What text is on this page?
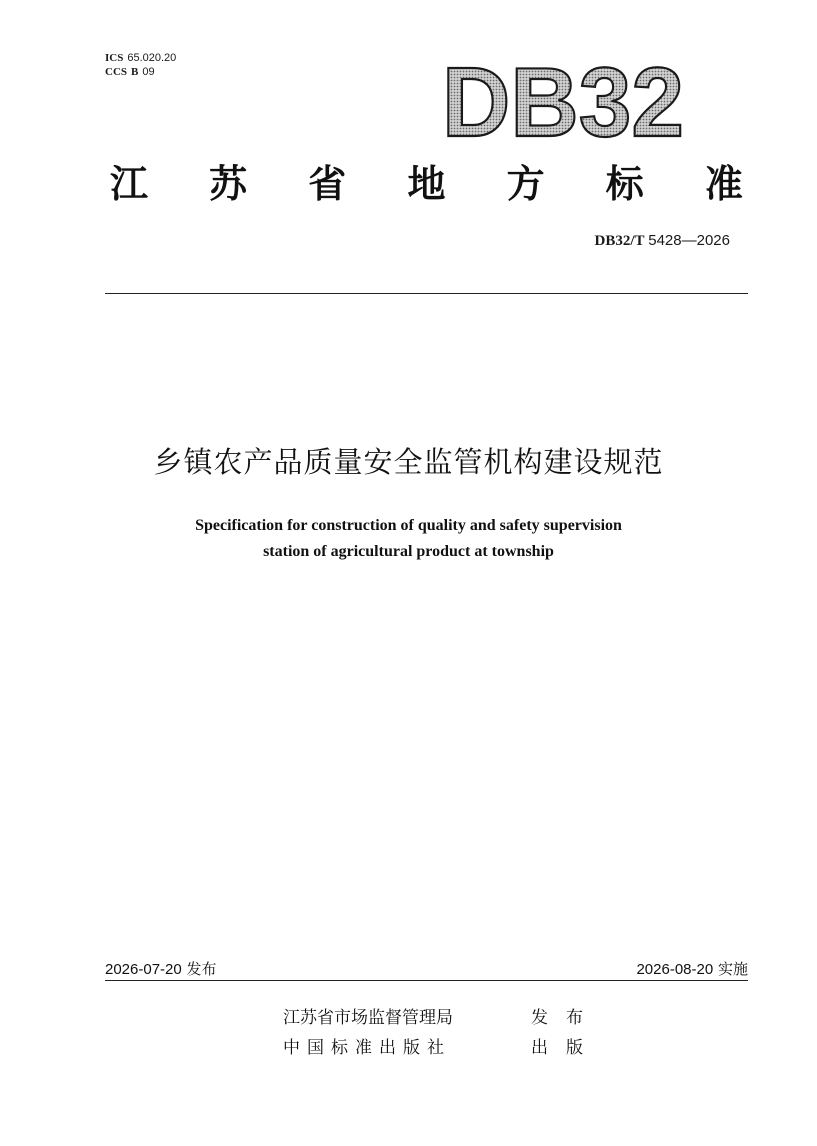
ICS 65.020.20
CCS B 09	DB32
江 苏 省 地 方 标 准
DB32/T 5428—2026
乡镇农产品质量安全监管机构建设规范
Specification for construction of quality and safety supervision
station of agricultural product at township
2026-07-20 发布	2026-08-20 实施
江苏省市场监督管理局	发布
中国标准出版社	出版
